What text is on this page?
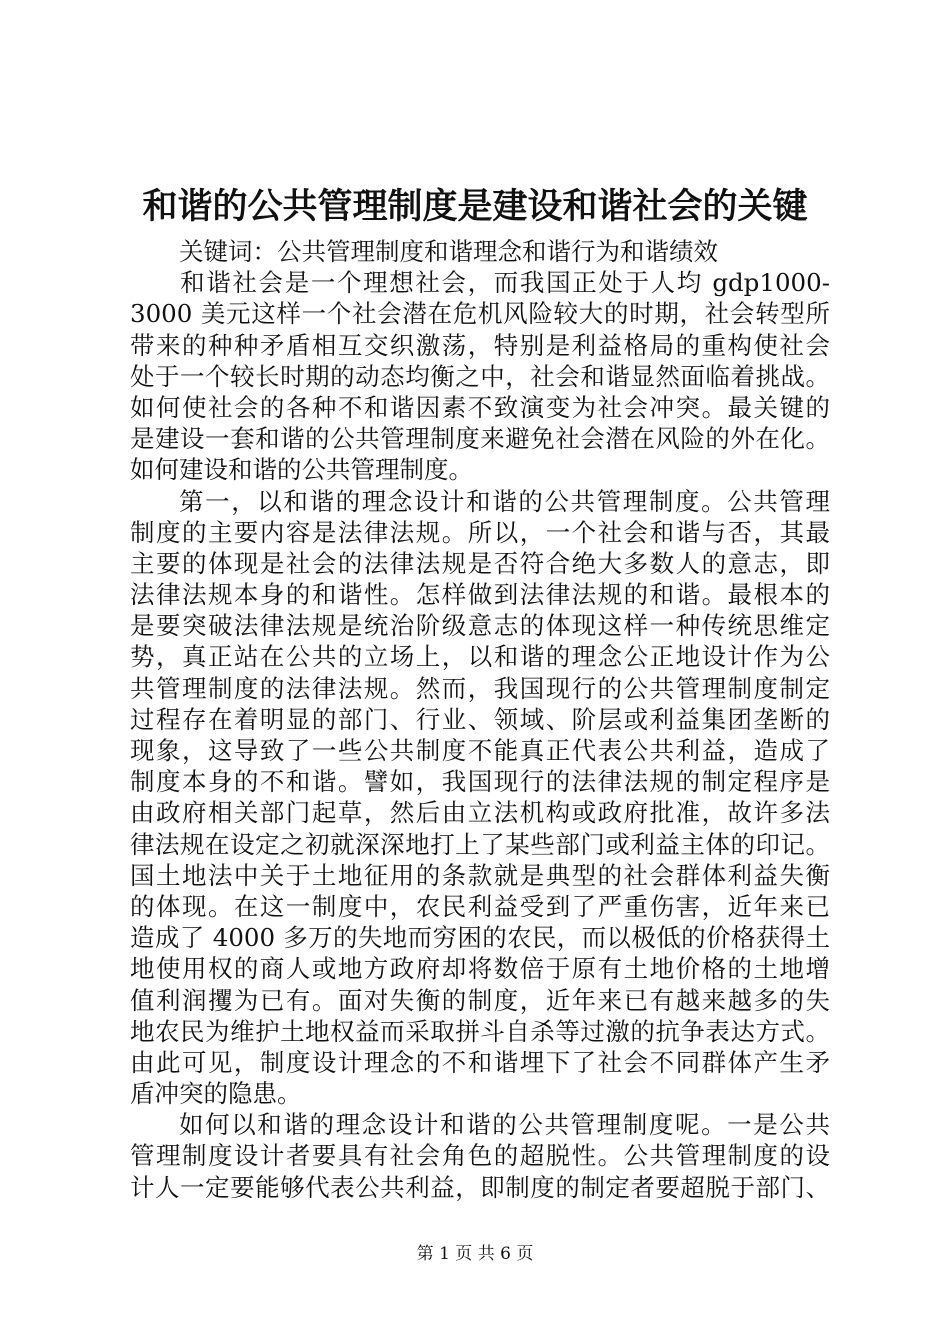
和谐的公共管理制度是建设和谐社会的关键
关键词：公共管理制度和谐理念和谐行为和谐绩效
　和谐社会是一个理想社会，而我国正处于人均 gdp1000-
3000 美元这样一个社会潜在危机风险较大的时期，社会转型所
带来的种种矛盾相互交织激荡，特别是利益格局的重构使社会
处于一个较长时期的动态均衡之中，社会和谐显然面临着挑战。
如何使社会的各种不和谐因素不致演变为社会冲突。最关键的
是建设一套和谐的公共管理制度来避免社会潜在风险的外在化。
如何建设和谐的公共管理制度。
第一，以和谐的理念设计和谐的公共管理制度。公共管理
制度的主要内容是法律法规。所以，一个社会和谐与否，其最
主要的体现是社会的法律法规是否符合绝大多数人的意志，即
法律法规本身的和谐性。怎样做到法律法规的和谐。最根本的
是要突破法律法规是统治阶级意志的体现这样一种传统思维定
势，真正站在公共的立场上，以和谐的理念公正地设计作为公
共管理制度的法律法规。然而，我国现行的公共管理制度制定
过程存在着明显的部门、行业、领域、阶层或利益集团垄断的
现象，这导致了一些公共制度不能真正代表公共利益，造成了
制度本身的不和谐。譬如，我国现行的法律法规的制定程序是
由政府相关部门起草，然后由立法机构或政府批准，故许多法
律法规在设定之初就深深地打上了某些部门或利益主体的印记。
国土地法中关于土地征用的条款就是典型的社会群体利益失衡
的体现。在这一制度中，农民利益受到了严重伤害，近年来已
造成了 4000 多万的失地而穷困的农民，而以极低的价格获得土
地使用权的商人或地方政府却将数倍于原有土地价格的土地增
值利润攫为已有。面对失衡的制度，近年来已有越来越多的失
地农民为维护土地权益而采取拼斗自杀等过激的抗争表达方式。
由此可见，制度设计理念的不和谐埋下了社会不同群体产生矛
盾冲突的隐患。
如何以和谐的理念设计和谐的公共管理制度呢。一是公共
管理制度设计者要具有社会角色的超脱性。公共管理制度的设
计人一定要能够代表公共利益，即制度的制定者要超脱于部门、
第 1 页 共 6 页
